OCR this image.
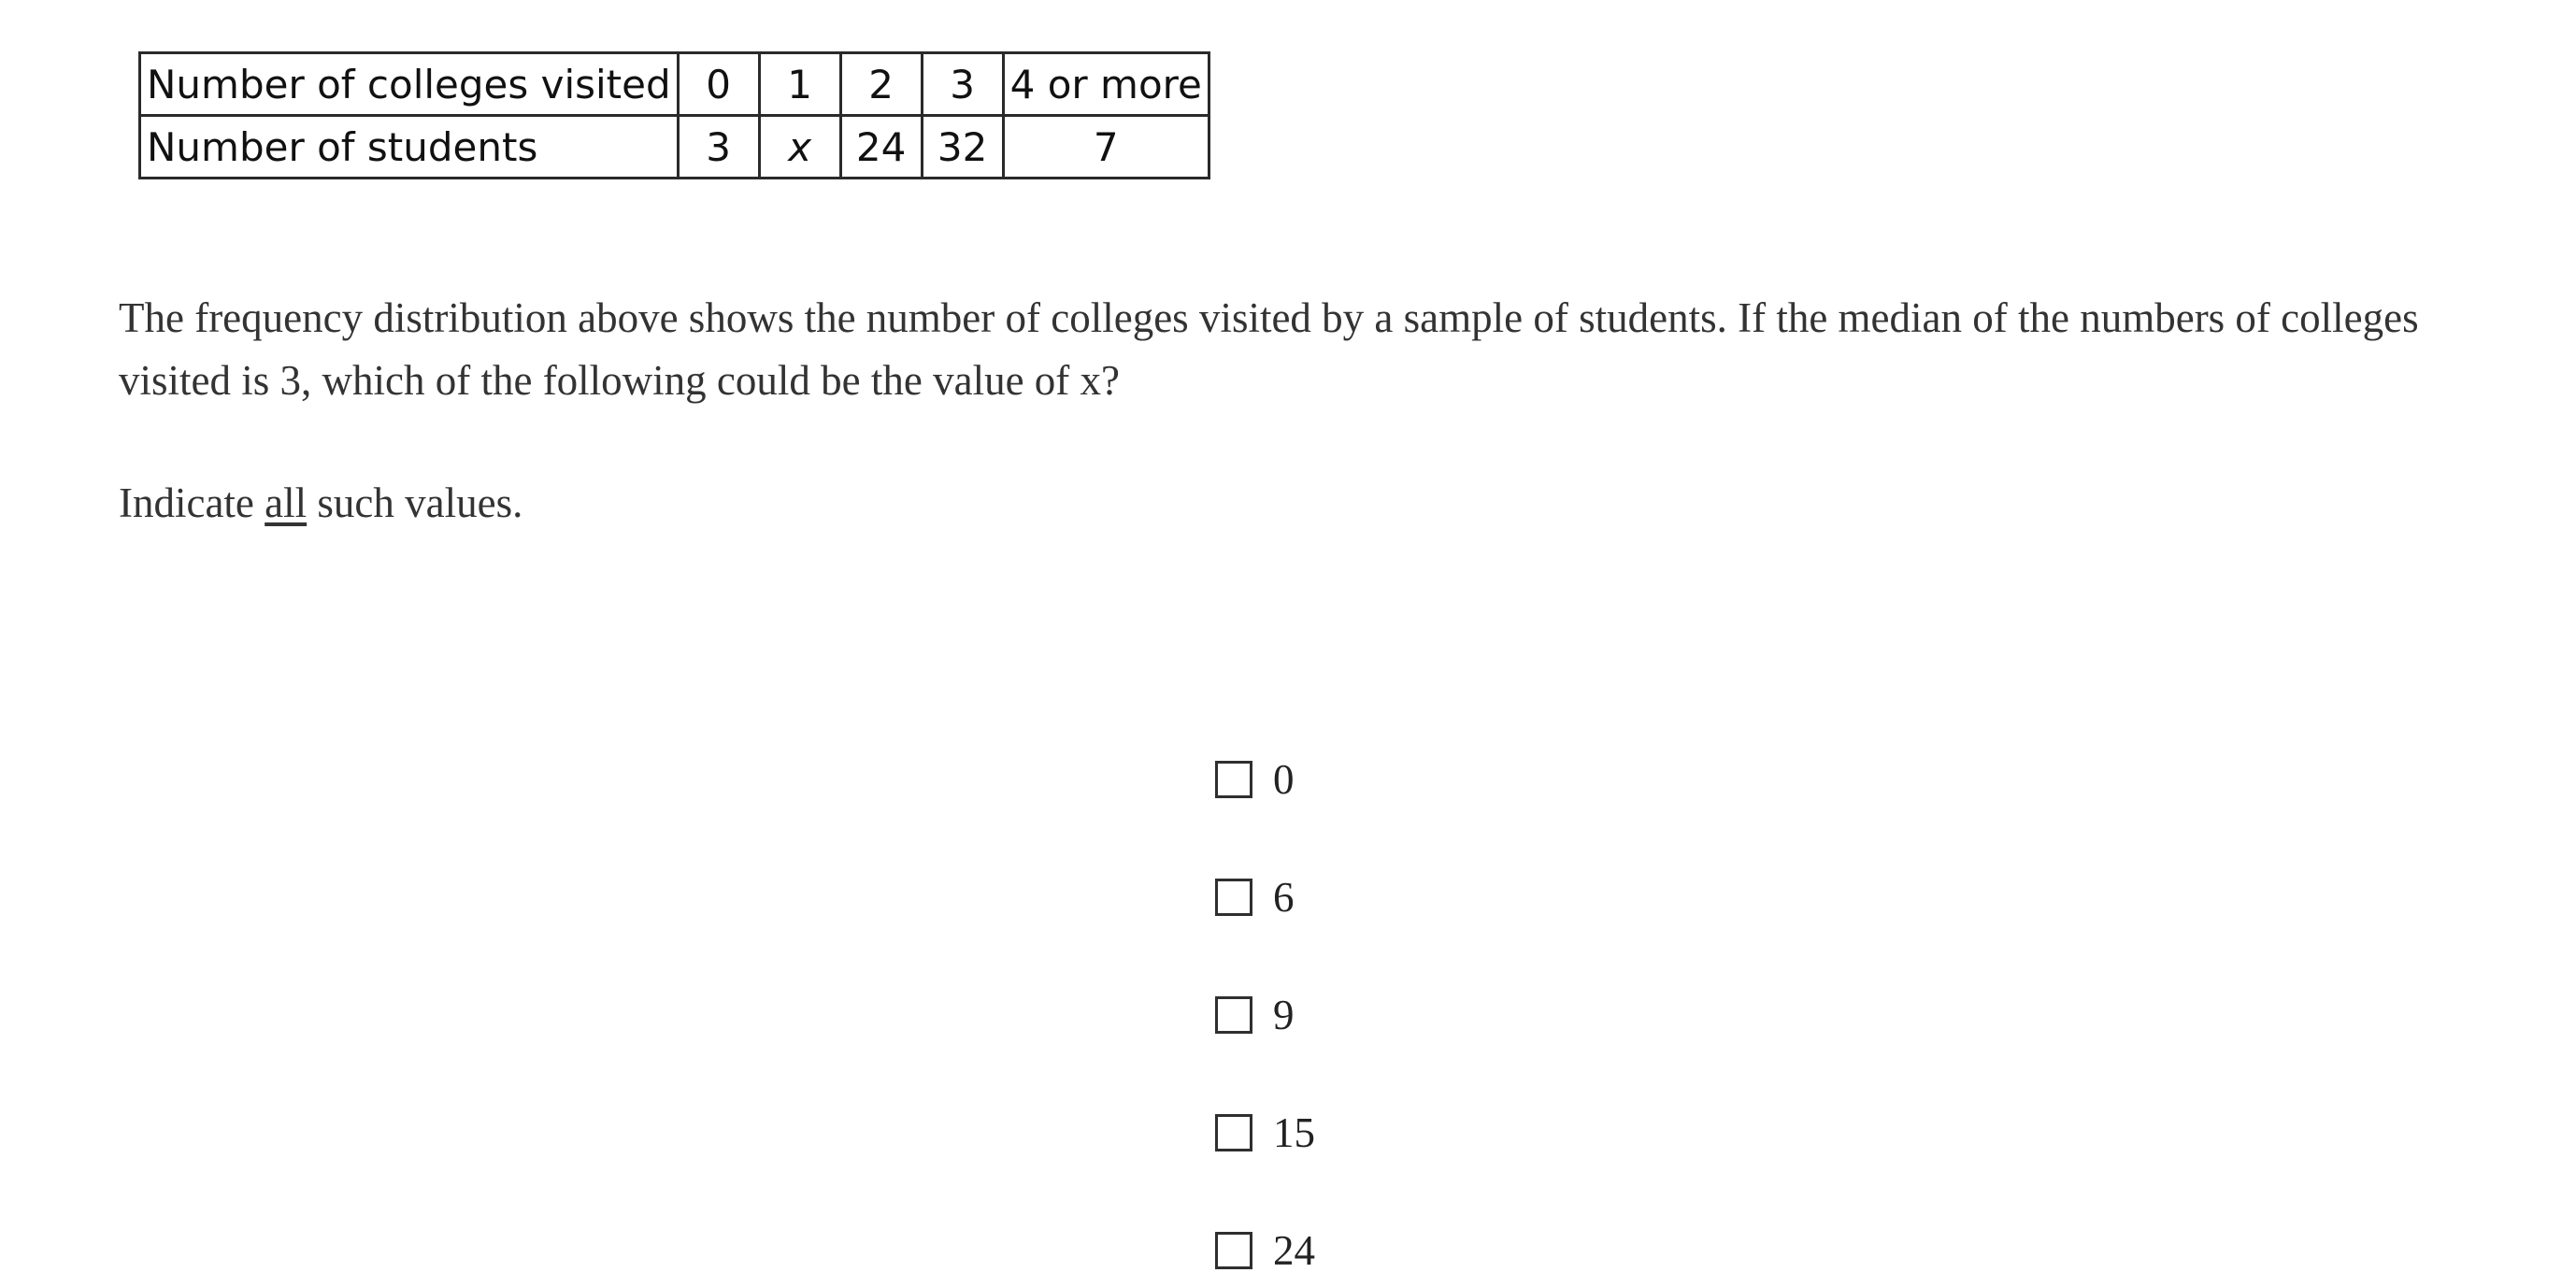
Number of colleges visited	0	1	2	3	4 or more
Number of students	3	x	24	32	7

The frequency distribution above shows the number of colleges visited by a sample of students. If the median of the numbers of colleges visited is 3, which of the following could be the value of x?

Indicate all such values.

0
6
9
15
24
